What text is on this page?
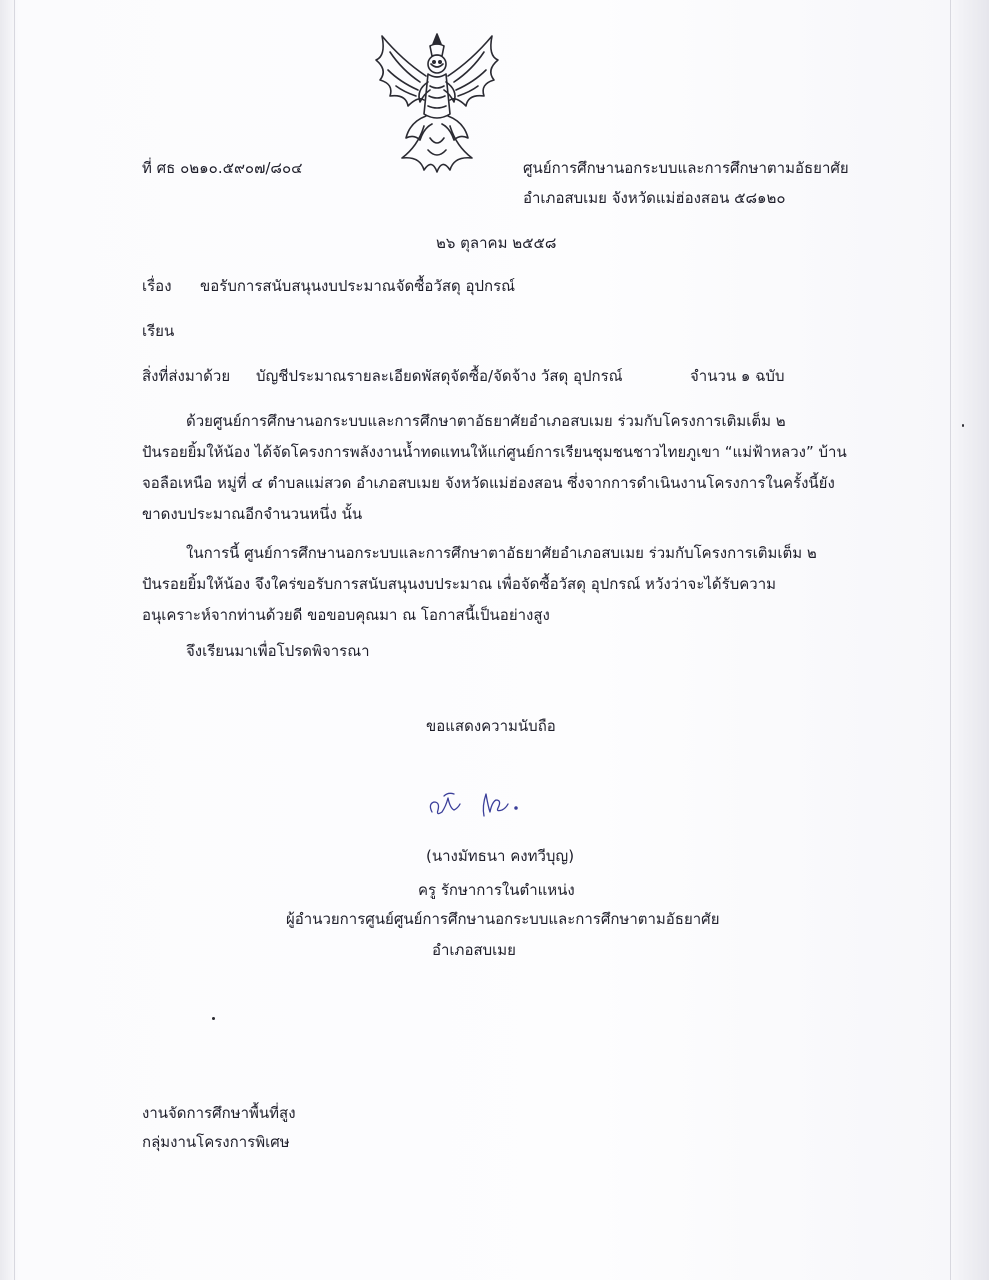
ที่ ศธ ๐๒๑๐.๕๙๐๗/๘๐๔	ศูนย์การศึกษานอกระบบและการศึกษาตามอัธยาศัย

อำเภอสบเมย จังหวัดแม่ฮ่องสอน ๕๘๑๒๐

๒๖ ตุลาคม ๒๕๕๘

เรื่อง ขอรับการสนับสนุนงบประมาณจัดซื้อวัสดุ อุปกรณ์

เรียน

สิ่งที่ส่งมาด้วย บัญชีประมาณรายละเอียดพัสดุจัดซื้อ/จัดจ้าง วัสดุ อุปกรณ์	จำนวน ๑ ฉบับ

ด้วยศูนย์การศึกษานอกระบบและการศึกษาตาอัธยาศัยอำเภอสบเมย ร่วมกับโครงการเติมเต็ม ๒
ปันรอยยิ้มให้น้อง ได้จัดโครงการพลังงานน้ำทดแทนให้แก่ศูนย์การเรียนชุมชนชาวไทยภูเขา “แม่ฟ้าหลวง” บ้าน
จอลือเหนือ หมู่ที่ ๔ ตำบลแม่สวด อำเภอสบเมย จังหวัดแม่ฮ่องสอน ซึ่งจากการดำเนินงานโครงการในครั้งนี้ยัง
ขาดงบประมาณอีกจำนวนหนึ่ง นั้น
ในการนี้ ศูนย์การศึกษานอกระบบและการศึกษาตาอัธยาศัยอำเภอสบเมย ร่วมกับโครงการเติมเต็ม ๒
ปันรอยยิ้มให้น้อง จึงใคร่ขอรับการสนับสนุนงบประมาณ เพื่อจัดซื้อวัสดุ อุปกรณ์ หวังว่าจะได้รับความ
อนุเคราะห์จากท่านด้วยดี ขอขอบคุณมา ณ โอกาสนี้เป็นอย่างสูง

จึงเรียนมาเพื่อโปรดพิจารณา

ขอแสดงความนับถือ

(นางมัทธนา คงทวีบุญ)

ครู รักษาการในตำแหน่ง

ผู้อำนวยการศูนย์ศูนย์การศึกษานอกระบบและการศึกษาตามอัธยาศัย

อำเภอสบเมย

งานจัดการศึกษาพื้นที่สูง

กลุ่มงานโครงการพิเศษ
